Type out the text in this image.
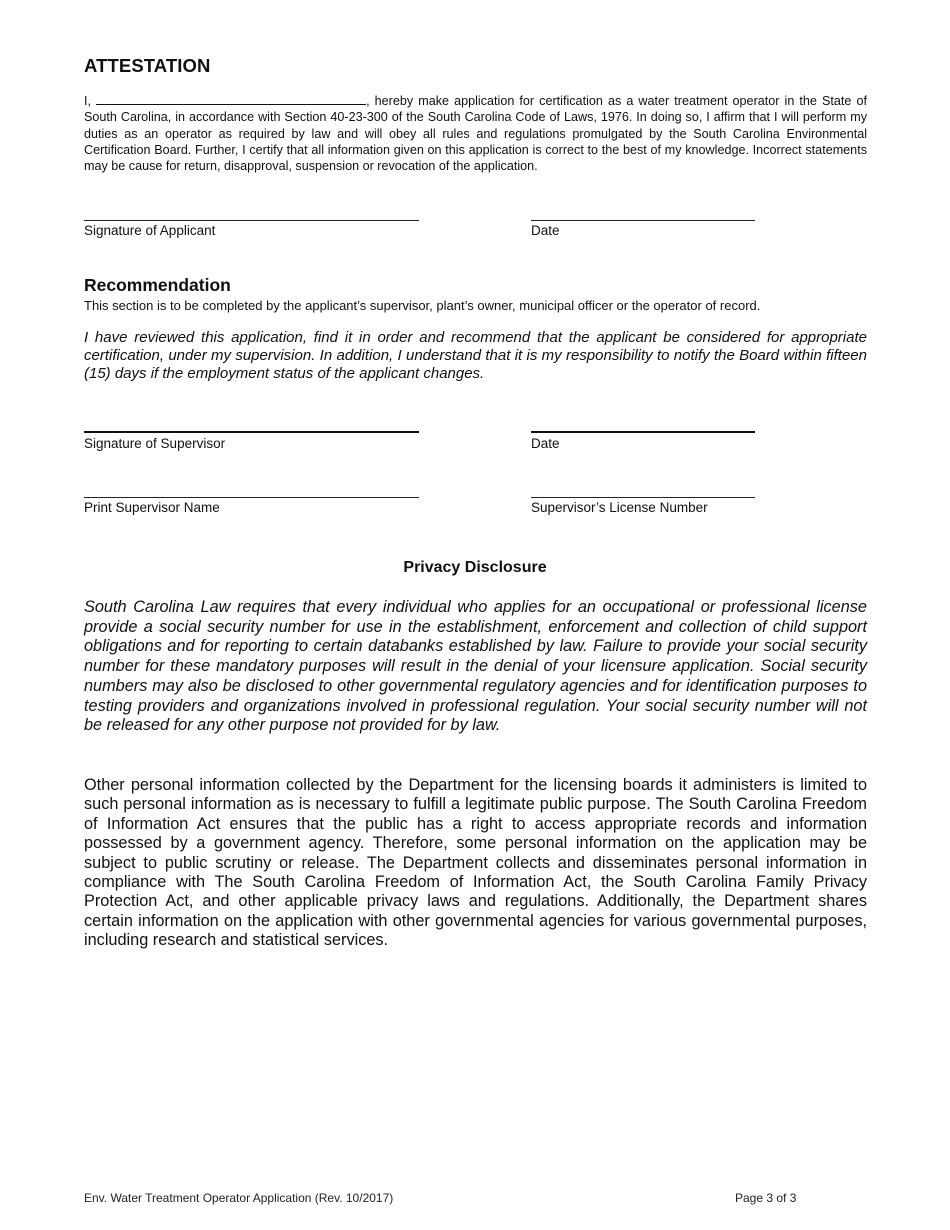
ATTESTATION
I,	, hereby make application for certification as a water treatment operator in the State of South Carolina, in accordance with Section 40-23-300 of the South Carolina Code of Laws, 1976. In doing so, I affirm that I will perform my duties as an operator as required by law and will obey all rules and regulations promulgated by the South Carolina Environmental Certification Board. Further, I certify that all information given on this application is correct to the best of my knowledge. Incorrect statements may be cause for return, disapproval, suspension or revocation of the application.
Signature of Applicant	Date
Recommendation
This section is to be completed by the applicant’s supervisor, plant’s owner, municipal officer or the operator of record.
I have reviewed this application, find it in order and recommend that the applicant be considered for appropriate certification, under my supervision. In addition, I understand that it is my responsibility to notify the Board within fifteen (15) days if the employment status of the applicant changes.
Signature of Supervisor	Date
Print Supervisor Name	Supervisor’s License Number
Privacy Disclosure
South Carolina Law requires that every individual who applies for an occupational or professional license provide a social security number for use in the establishment, enforcement and collection of child support obligations and for reporting to certain databanks established by law. Failure to provide your social security number for these mandatory purposes will result in the denial of your licensure application. Social security numbers may also be disclosed to other governmental regulatory agencies and for identification purposes to testing providers and organizations involved in professional regulation. Your social security number will not be released for any other purpose not provided for by law.
Other personal information collected by the Department for the licensing boards it administers is limited to such personal information as is necessary to fulfill a legitimate public purpose. The South Carolina Freedom of Information Act ensures that the public has a right to access appropriate records and information possessed by a government agency. Therefore, some personal information on the application may be subject to public scrutiny or release. The Department collects and disseminates personal information in compliance with The South Carolina Freedom of Information Act, the South Carolina Family Privacy Protection Act, and other applicable privacy laws and regulations. Additionally, the Department shares certain information on the application with other governmental agencies for various governmental purposes, including research and statistical services.
Env. Water Treatment Operator Application (Rev. 10/2017)	Page 3 of 3
